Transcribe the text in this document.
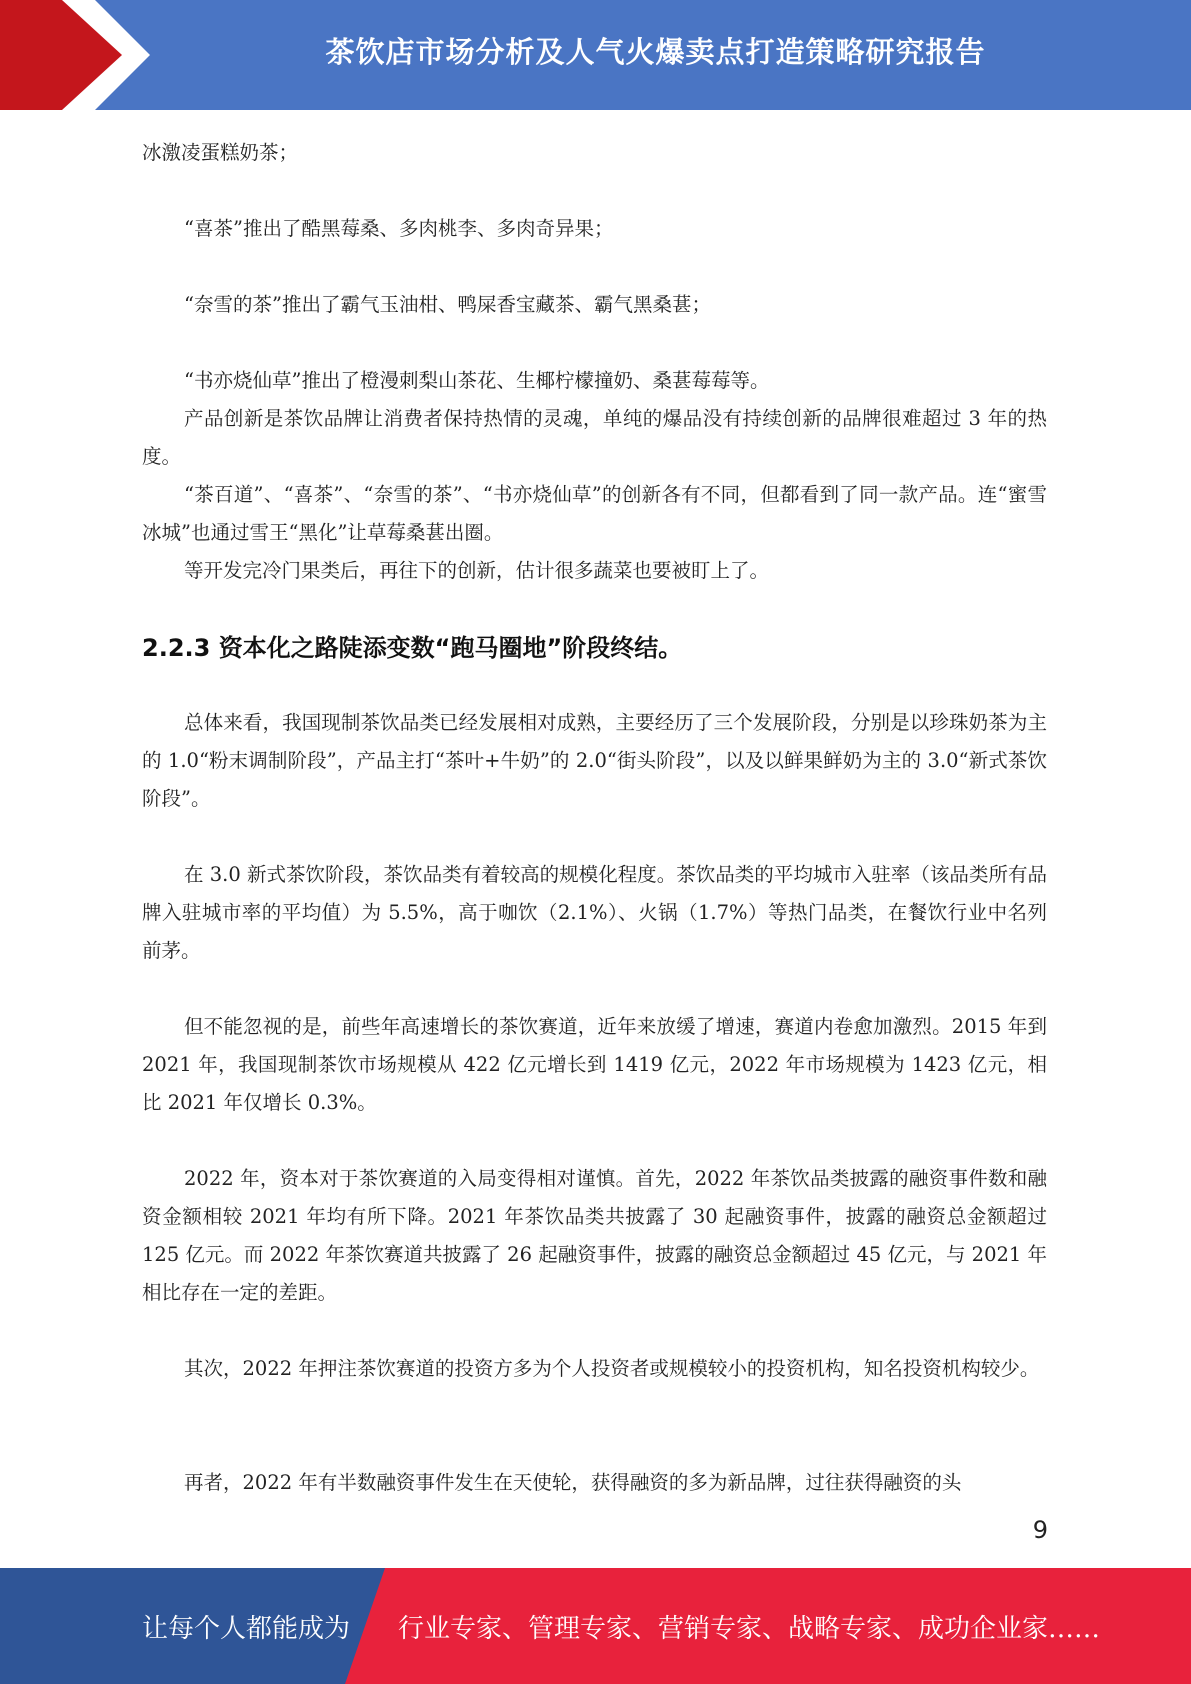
茶饮店市场分析及人气火爆卖点打造策略研究报告

冰激凌蛋糕奶茶；

“喜茶”推出了酷黑莓桑、多肉桃李、多肉奇异果；

“奈雪的茶”推出了霸气玉油柑、鸭屎香宝藏茶、霸气黑桑葚；

“书亦烧仙草”推出了橙漫刺梨山茶花、生椰柠檬撞奶、桑葚莓莓等。

产品创新是茶饮品牌让消费者保持热情的灵魂，单纯的爆品没有持续创新的品牌很难超过 3 年的热度。

“茶百道”、“喜茶”、“奈雪的茶”、“书亦烧仙草”的创新各有不同，但都看到了同一款产品。连“蜜雪冰城”也通过雪王“黑化”让草莓桑葚出圈。

等开发完冷门果类后，再往下的创新，估计很多蔬菜也要被盯上了。

2.2.3 资本化之路陡添变数“跑马圈地”阶段终结。

总体来看，我国现制茶饮品类已经发展相对成熟，主要经历了三个发展阶段，分别是以珍珠奶茶为主的 1.0“粉末调制阶段”，产品主打“茶叶+牛奶”的 2.0“街头阶段”，以及以鲜果鲜奶为主的 3.0“新式茶饮阶段”。

在 3.0 新式茶饮阶段，茶饮品类有着较高的规模化程度。茶饮品类的平均城市入驻率（该品类所有品牌入驻城市率的平均值）为 5.5%，高于咖饮（2.1%）、火锅（1.7%）等热门品类，在餐饮行业中名列前茅。

但不能忽视的是，前些年高速增长的茶饮赛道，近年来放缓了增速，赛道内卷愈加激烈。2015 年到 2021 年，我国现制茶饮市场规模从 422 亿元增长到 1419 亿元，2022 年市场规模为 1423 亿元，相比 2021 年仅增长 0.3%。

2022 年，资本对于茶饮赛道的入局变得相对谨慎。首先，2022 年茶饮品类披露的融资事件数和融资金额相较 2021 年均有所下降。2021 年茶饮品类共披露了 30 起融资事件，披露的融资总金额超过 125 亿元。而 2022 年茶饮赛道共披露了 26 起融资事件，披露的融资总金额超过 45 亿元，与 2021 年相比存在一定的差距。

其次，2022 年押注茶饮赛道的投资方多为个人投资者或规模较小的投资机构，知名投资机构较少。

再者，2022 年有半数融资事件发生在天使轮，获得融资的多为新品牌，过往获得融资的头

9
让每个人都能成为 行业专家、管理专家、营销专家、战略专家、成功企业家……
